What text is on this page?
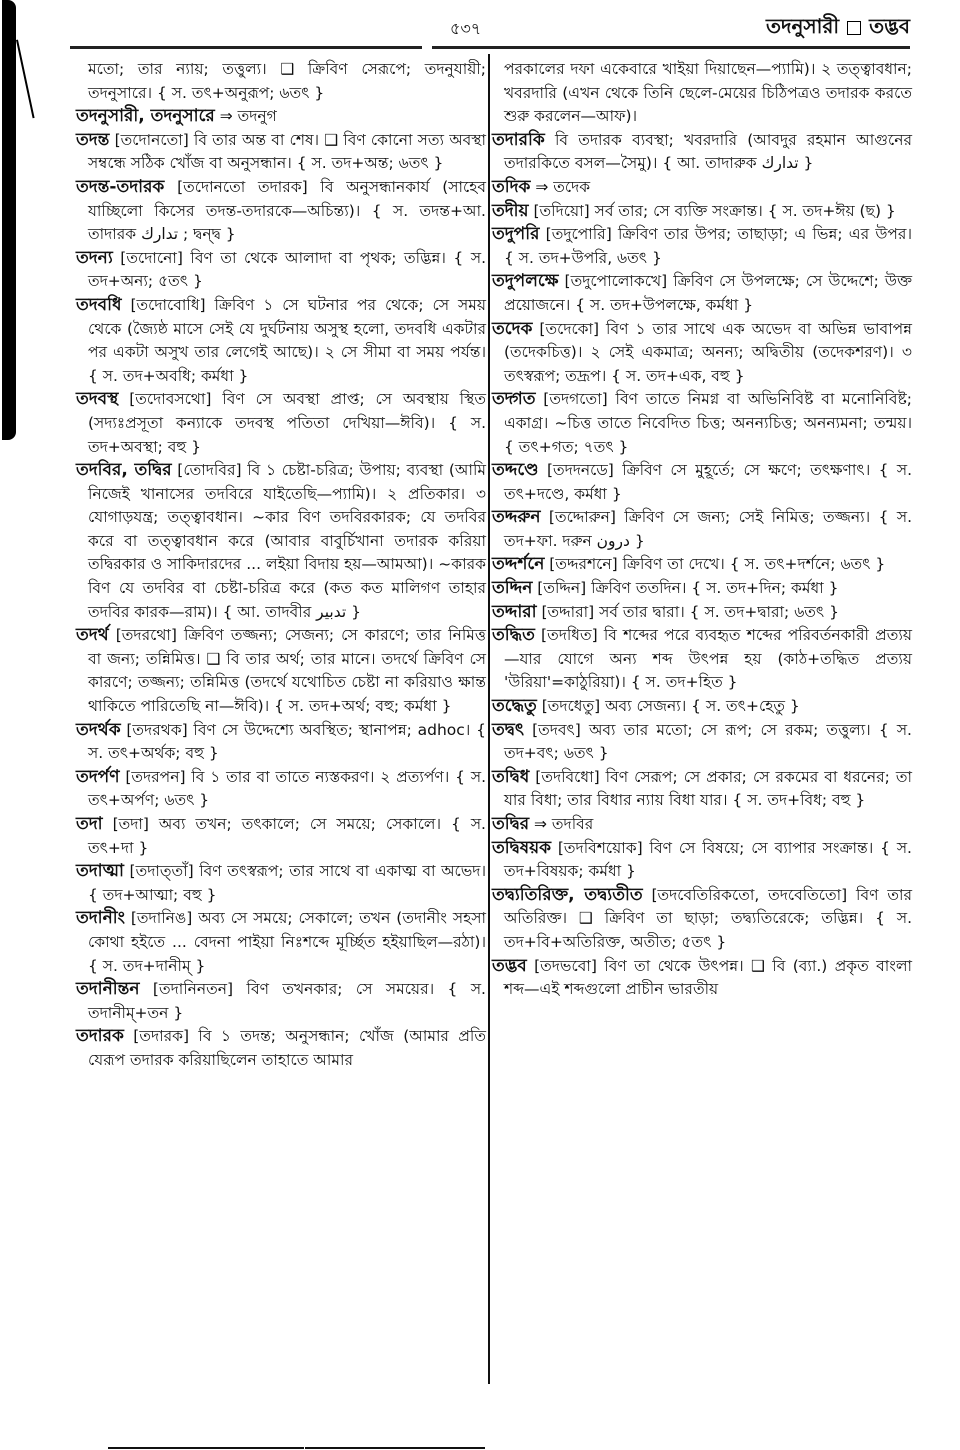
৫৩৭	তদনুসারী তদ্ভব

মতো; তার ন্যায়; তত্তুল্য। ❑ ক্রিবিণ সেরূপে; তদনুযায়ী; তদনুসারে। { স. তৎ+অনুরূপ; ৬তৎ }

তদনুসারী, তদনুসারে ⇒ তদনুগ

তদন্ত [তদোনতো] বি তার অন্ত বা শেষ। ❑ বিণ কোনো সত্য অবস্থা সম্বন্ধে সঠিক খোঁজ বা অনুসন্ধান। { স. তদ+অন্ত; ৬তৎ }

তদন্ত-তদারক [তদোনতো তদারক] বি অনুসন্ধানকার্য (সাহেব যাচ্ছিলো কিসের তদন্ত-তদারকে—অচিন্ত্য)। { স. তদন্ত+আ. তাদারক تدارك ; দ্বন্দ্ব }

তদন্য [তদোনো] বিণ তা থেকে আলাদা বা পৃথক; তদ্ভিন্ন। { স. তদ+অন্য; ৫তৎ }

তদবধি [তদোবোধি] ক্রিবিণ ১ সে ঘটনার পর থেকে; সে সময় থেকে (জ্যৈষ্ঠ মাসে সেই যে দুর্ঘটনায় অসুস্থ হলো, তদবধি একটার পর একটা অসুখ তার লেগেই আছে)। ২ সে সীমা বা সময় পর্যন্ত। { স. তদ+অবধি; কর্মধা }

তদবস্থ [তদোবসথো] বিণ সে অবস্থা প্রাপ্ত; সে অবস্থায় স্থিত (সদ্যঃপ্রসূতা কন্যাকে তদবস্থ পতিতা দেখিয়া—ঈবি)। { স. তদ+অবস্থা; বহু }

তদবির, তদ্বির [তোদবির] বি ১ চেষ্টা-চরিত্র; উপায়; ব্যবস্থা (আমি নিজেই খানাসের তদবিরে যাইতেছি—প্যামি)। ২ প্রতিকার। ৩ যোগাড়যন্ত্র; তত্ত্বাবধান। ~কার বিণ তদবিরকারক; যে তদবির করে বা তত্ত্বাবধান করে (আবার বাবুর্চিখানা তদারক করিয়া তদ্বিরকার ও সাকিদারদের ... লইয়া বিদায় হয়—আমআ)। ~কারক বিণ যে তদবির বা চেষ্টা-চরিত্র করে (কত কত মালিগণ তাহার তদবির কারক—রাম)। { আ. তাদবীর تدبير }

তদর্থ [তদরথো] ক্রিবিণ তজ্জন্য; সেজন্য; সে কারণে; তার নিমিত্ত বা জন্য; তন্নিমিত্ত। ❑ বি তার অর্থ; তার মানে। তদর্থে ক্রিবিণ সে কারণে; তজ্জন্য; তন্নিমিত্ত (তদর্থে যথোচিত চেষ্টা না করিয়াও ক্ষান্ত থাকিতে পারিতেছি না—ঈবি)। { স. তদ+অর্থ; বহু; কর্মধা }

তদর্থক [তদরথক] বিণ সে উদ্দেশ্যে অবস্থিত; স্থানাপন্ন; adhoc। { স. তৎ+অর্থক; বহু }

তদর্পণ [তদরপন] বি ১ তার বা তাতে ন্যস্তকরণ। ২ প্রত্যর্পণ। { স. তৎ+অর্পণ; ৬তৎ }

তদা [তদা] অব্য তখন; তৎকালে; সে সময়ে; সেকালে। { স. তৎ+দা }

তদাত্মা [তদাত্‌তাঁ] বিণ তৎস্বরূপ; তার সাথে বা একাত্ম বা অভেদ। { তদ+আত্মা; বহু }

তদানীং [তদানিঙ] অব্য সে সময়ে; সেকালে; তখন (তদানীং সহসা কোথা হইতে ... বেদনা পাইয়া নিঃশব্দে মূর্চ্ছিত হইয়াছিল—রঠা)। { স. তদ+দানীম্ }

তদানীন্তন [তদানিনতন] বিণ তখনকার; সে সময়ের। { স. তদানীম্+তন }

তদারক [তদারক] বি ১ তদন্ত; অনুসন্ধান; খোঁজ (আমার প্রতি যেরূপ তদারক করিয়াছিলেন তাহাতে আমার

পরকালের দফা একেবারে খাইয়া দিয়াছেন—প্যামি)। ২ তত্ত্বাবধান; খবরদারি (এখন থেকে তিনি ছেলে-মেয়ের চিঠিপত্রও তদারক করতে শুরু করলেন—আফ)।

তদারকি বি তদারক ব্যবস্থা; খবরদারি (আবদুর রহমান আগুনের তদারকিতে বসল—সৈমু)। { আ. তাদারুক تدارك }

তদিক ⇒ তদেক

তদীয় [তদিয়ো] সর্ব তার; সে ব্যক্তি সংক্রান্ত। { স. তদ+ঈয় (ছ) }

তদুপরি [তদুপোরি] ক্রিবিণ তার উপর; তাছাড়া; এ ভিন্ন; এর উপর। { স. তদ+উপরি, ৬তৎ }

তদুপলক্ষে [তদুপোলোকখে] ক্রিবিণ সে উপলক্ষে; সে উদ্দেশে; উক্ত প্রয়োজনে। { স. তদ+উপলক্ষে, কর্মধা }

তদেক [তদেকো] বিণ ১ তার সাথে এক অভেদ বা অভিন্ন ভাবাপন্ন (তদেকচিত্ত)। ২ সেই একমাত্র; অনন্য; অদ্বিতীয় (তদেকশরণ)। ৩ তৎস্বরূপ; তদ্রূপ। { স. তদ+এক, বহু }

তদ্গত [তদগতো] বিণ তাতে নিমগ্ন বা অভিনিবিষ্ট বা মনোনিবিষ্ট; একাগ্র। ~চিত্ত তাতে নিবেদিত চিত্ত; অনন্যচিত্ত; অনন্যমনা; তন্ময়। { তৎ+গত; ৭তৎ }

তদ্দণ্ডে [তদদনডে] ক্রিবিণ সে মুহূর্তে; সে ক্ষণে; তৎক্ষণাৎ। { স. তৎ+দণ্ডে, কর্মধা }

তদ্দরুন [তদ্দোরুন] ক্রিবিণ সে জন্য; সেই নিমিত্ত; তজ্জন্য। { স. তদ+ফা. দরুন درون }

তদ্দর্শনে [তদ্দরশনে] ক্রিবিণ তা দেখে। { স. তৎ+দর্শনে; ৬তৎ }

তদ্দিন [তদ্দিন] ক্রিবিণ ততদিন। { স. তদ+দিন; কর্মধা }

তদ্দারা [তদ্দারা] সর্ব তার দ্বারা। { স. তদ+দ্বারা; ৬তৎ }

তদ্ধিত [তদধিত] বি শব্দের পরে ব্যবহৃত শব্দের পরিবর্তনকারী প্রত্যয়—যার যোগে অন্য শব্দ উৎপন্ন হয় (কাঠ+তদ্ধিত প্রত্যয় 'উরিয়া'=কাঠুরিয়া)। { স. তদ+হিত }

তদ্ধেতু [তদধেতু] অব্য সেজন্য। { স. তৎ+হেতু }

তদ্বৎ [তদবৎ] অব্য তার মতো; সে রূপ; সে রকম; তত্তুল্য। { স. তদ+বৎ; ৬তৎ }

তদ্বিধ [তদবিধো] বিণ সেরূপ; সে প্রকার; সে রকমের বা ধরনের; তা যার বিধা; তার বিধার ন্যায় বিধা যার। { স. তদ+বিধ; বহু }

তদ্বির ⇒ তদবির

তদ্বিষয়ক [তদবিশয়োক] বিণ সে বিষয়ে; সে ব্যাপার সংক্রান্ত। { স. তদ+বিষয়ক; কর্মধা }

তদ্ব্যতিরিক্ত, তদ্ব্যতীত [তদবেতিরিকতো, তদবেতিতো] বিণ তার অতিরিক্ত। ❑ ক্রিবিণ তা ছাড়া; তদ্ব্যতিরেকে; তদ্ভিন্ন। { স. তদ+বি+অতিরিক্ত, অতীত; ৫তৎ }

তদ্ভব [তদভবো] বিণ তা থেকে উৎপন্ন। ❑ বি (ব্যা.) প্রকৃত বাংলা শব্দ—এই শব্দগুলো প্রাচীন ভারতীয়
